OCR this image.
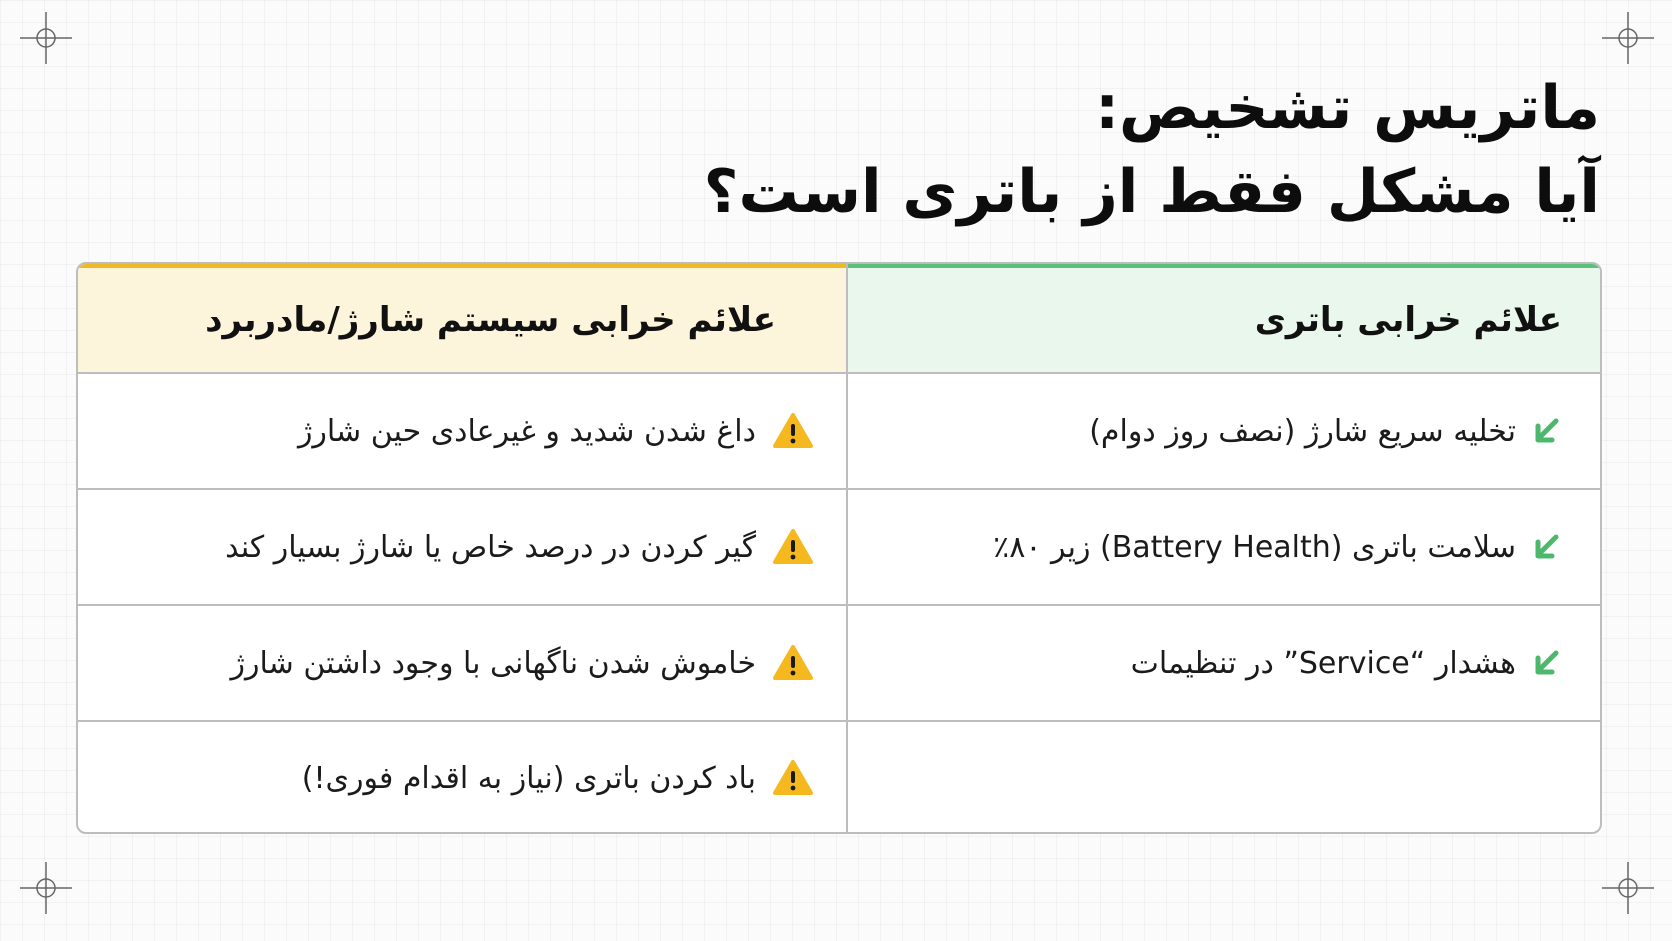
ماتریس تشخیص:
آیا مشکل فقط از باتری است؟
علائم خرابی باتری
تخلیه سریع شارژ (نصف روز دوام)
سلامت باتری (Battery Health) زیر ۸۰٪
هشدار “Service” در تنظیمات
علائم خرابی سیستم شارژ/مادربرد
داغ شدن شدید و غیرعادی حین شارژ
گیر کردن در درصد خاص یا شارژ بسیار کند
خاموش شدن ناگهانی با وجود داشتن شارژ
باد کردن باتری (نیاز به اقدام فوری!)
